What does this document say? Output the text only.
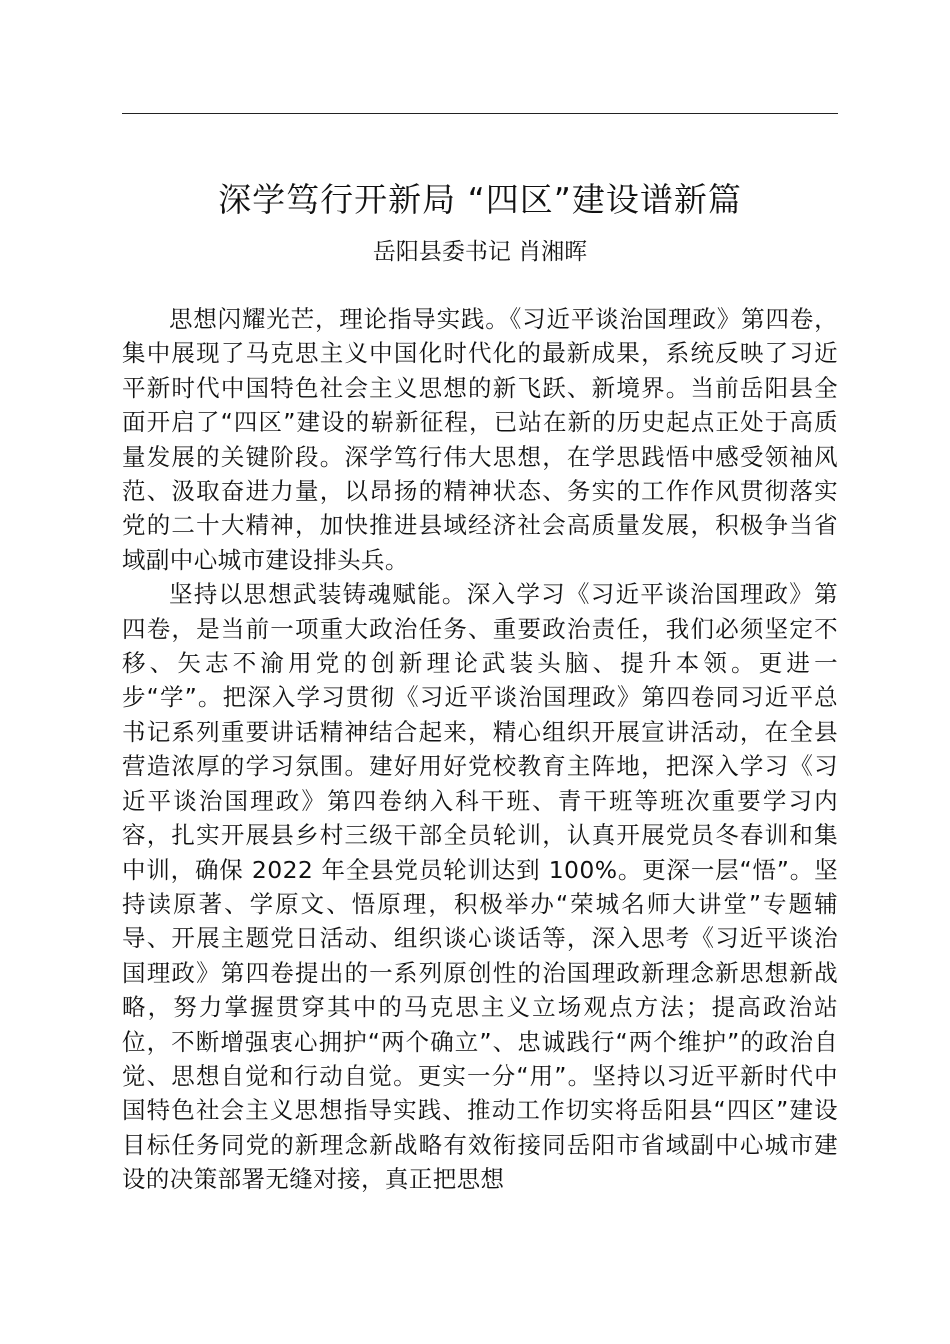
深学笃行开新局 “四区”建设谱新篇
岳阳县委书记 肖湘晖

思想闪耀光芒，理论指导实践。《习近平谈治国理政》第四卷，集中展现了马克思主义中国化时代化的最新成果，系统反映了习近平新时代中国特色社会主义思想的新飞跃、新境界。当前岳阳县全面开启了“四区”建设的崭新征程，已站在新的历史起点正处于高质量发展的关键阶段。深学笃行伟大思想，在学思践悟中感受领袖风范、汲取奋进力量，以昂扬的精神状态、务实的工作作风贯彻落实党的二十大精神，加快推进县域经济社会高质量发展，积极争当省域副中心城市建设排头兵。

坚持以思想武装铸魂赋能。深入学习《习近平谈治国理政》第四卷，是当前一项重大政治任务、重要政治责任，我们必须坚定不移、矢志不渝用党的创新理论武装头脑、提升本领。更进一步“学”。把深入学习贯彻《习近平谈治国理政》第四卷同习近平总书记系列重要讲话精神结合起来，精心组织开展宣讲活动，在全县营造浓厚的学习氛围。建好用好党校教育主阵地，把深入学习《习近平谈治国理政》第四卷纳入科干班、青干班等班次重要学习内容，扎实开展县乡村三级干部全员轮训，认真开展党员冬春训和集中训，确保 2022 年全县党员轮训达到 100%。更深一层“悟”。坚持读原著、学原文、悟原理，积极举办“荣城名师大讲堂”专题辅导、开展主题党日活动、组织谈心谈话等，深入思考《习近平谈治国理政》第四卷提出的一系列原创性的治国理政新理念新思想新战略，努力掌握贯穿其中的马克思主义立场观点方法；提高政治站位，不断增强衷心拥护“两个确立”、忠诚践行“两个维护”的政治自觉、思想自觉和行动自觉。更实一分“用”。坚持以习近平新时代中国特色社会主义思想指导实践、推动工作切实将岳阳县“四区”建设目标任务同党的新理念新战略有效衔接同岳阳市省域副中心城市建设的决策部署无缝对接，真正把思想
